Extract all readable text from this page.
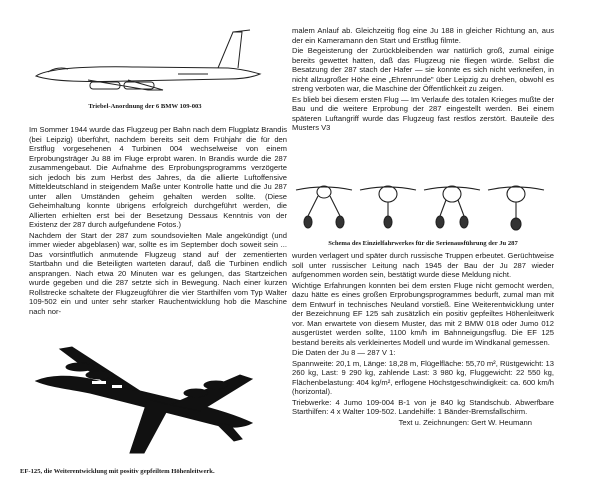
Triebel-Anordnung der 6 BMW 109-003

Im Sommer 1944 wurde das Flugzeug per Bahn nach dem Flugplatz Brandis (bei Leipzig) überführt, nachdem bereits seit dem Frühjahr die für den Erstflug vorgesehenen 4 Turbinen 004 wechselweise von einem Erprobungsträger Ju 88 im Fluge erprobt waren. In Brandis wurde die 287 zusammengebaut. Die Aufnahme des Erprobungsprogramms verzögerte sich jedoch bis zum Herbst des Jahres, da die allierte Luftoffensive Mitteldeutschland in steigendem Maße unter Kontrolle hatte und die Ju 287 unter allen Umständen geheim gehalten werden sollte. (Diese Geheimhaltung konnte übrigens erfolgreich durchgeführt werden, die Allierten erhielten erst bei der Besetzung Dessaus Kenntnis von der Existenz der 287 durch aufgefundene Fotos.)

Nachdem der Start der 287 zum soundsovielten Male angekündigt (und immer wieder abgeblasen) war, sollte es im September doch soweit sein ... Das vorsintflutlich anmutende Flugzeug stand auf der zementierten Startbahn und die Beteiligten warteten darauf, daß die Turbinen endlich ansprangen. Nach etwa 20 Minuten war es gelungen, das Startzeichen wurde gegeben und die 287 setzte sich in Bewegung. Nach einer kurzen Rollstrecke schaltete der Flugzeugführer die vier Starthilfen vom Typ Walter 109-502 ein und unter sehr starker Rauchentwicklung hob die Maschine nach nor-

malem Anlauf ab. Gleichzeitig flog eine Ju 188 in gleicher Richtung an, aus der ein Kameramann den Start und Erstflug filmte.

Die Begeisterung der Zurückbleibenden war natürlich groß, zumal einige bereits gewettet hatten, daß das Flugzeug nie fliegen würde. Selbst die Besatzung der 287 stach der Hafer — sie konnte es sich nicht verkneifen, in nicht allzugroßer Höhe eine „Ehrenrunde" über Leipzig zu drehen, obwohl es streng verboten war, die Maschine der Öffentlichkeit zu zeigen.

Es blieb bei diesem ersten Flug — Im Verlaufe des totalen Krieges mußte der Bau und die weitere Erprobung der 287 eingestellt werden. Bei einem späteren Luftangriff wurde das Flugzeug fast restlos zerstört. Bauteile des Musters V3

Schema des Einzielfahrwerkes für die Serienausführung der Ju 287

wurden verlagert und später durch russische Truppen erbeutet. Gerüchtweise soll unter russischer Leitung nach 1945 der Bau der Ju 287 wieder aufgenommen worden sein, bestätigt wurde diese Meldung nicht.

Wichtige Erfahrungen konnten bei dem ersten Fluge nicht gemocht werden, dazu hätte es eines großen Erprobungsprogrammes bedurft, zumal man mit dem Entwurf in technisches Neuland vorstieß. Eine Weiterentwicklung unter der Bezeichnung EF 125 sah zusätzlich ein positiv gepfeiltes Höhenleitwerk vor. Man erwartete von diesem Muster, das mit 2 BMW 018 oder Jumo 012 ausgerüstet werden sollte, 1100 km/h im Bahnneigungsflug. Die EF 125 bestand bereits als verkleinertes Modell und wurde im Windkanal gemessen.

Die Daten der Ju 8 — 287 V 1:

Spannweite: 20,1 m, Länge: 18,28 m, Flügelfläche: 55,70 m², Rüstgewicht: 13 260 kg, Last: 9 290 kg, zahlende Last: 3 980 kg, Fluggewicht: 22 550 kg, Flächenbelastung: 404 kg/m², erflogene Höchstgeschwindigkeit: ca. 600 km/h (horizontal).

Triebwerke: 4 Jumo 109-004 B-1 von je 840 kg Standschub. Abwerfbare Starthilfen: 4 x Walter 109-502. Landehilfe: 1 Bänder-Bremsfallschirm.

Text u. Zeichnungen: Gert W. Heumann
EF-125, die Weiterentwicklung mit positiv gepfeiltem Höhenleitwerk.
